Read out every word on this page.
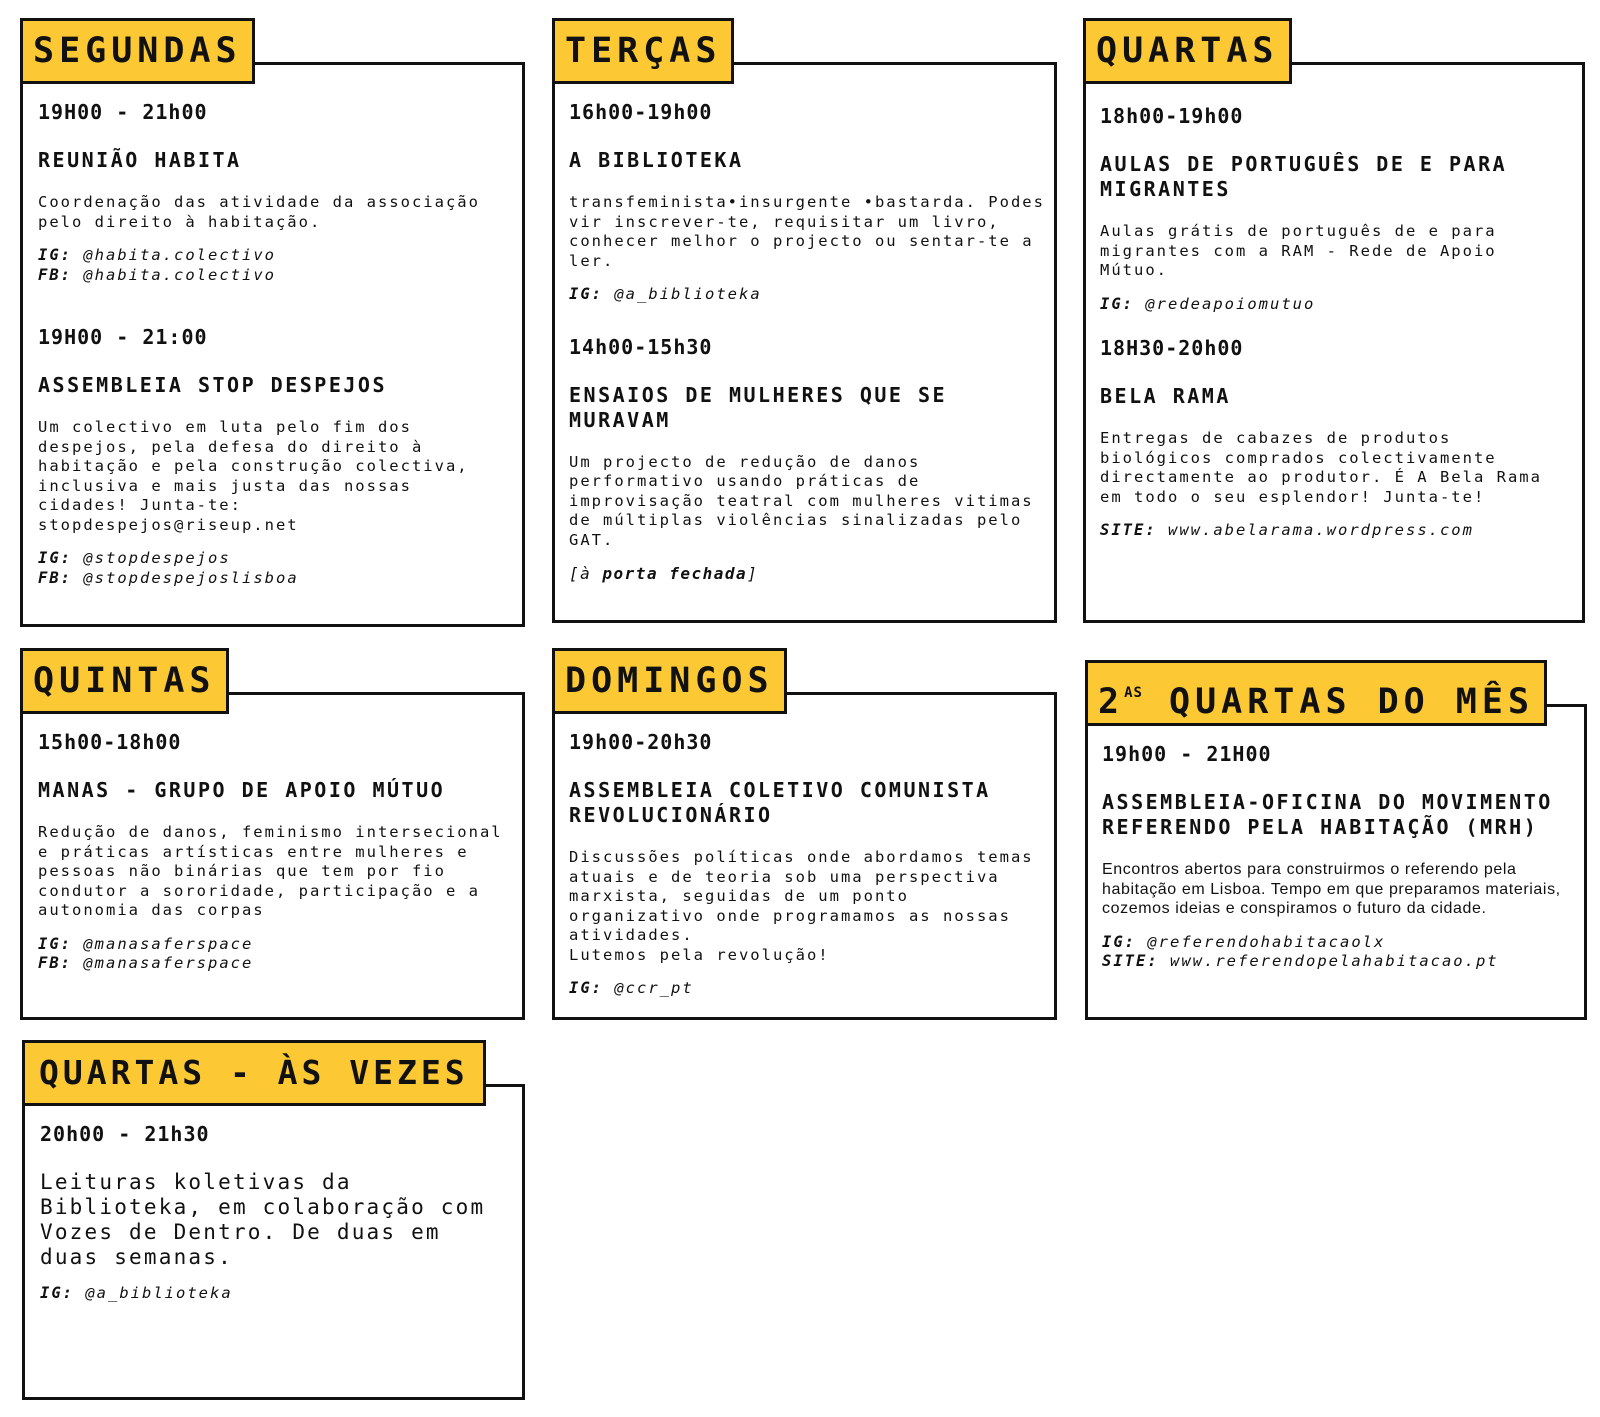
SEGUNDAS
19H00 - 21h00
REUNIÃO HABITA
Coordenação das atividade da associação pelo direito à habitação.
IG: @habita.colectivo
FB: @habita.colectivo
19H00 - 21:00
ASSEMBLEIA STOP DESPEJOS
Um colectivo em luta pelo fim dos despejos, pela defesa do direito à habitação e pela construção colectiva, inclusiva e mais justa das nossas cidades! Junta-te: stopdespejos@riseup.net
IG: @stopdespejos
FB: @stopdespejoslisboa
TERÇAS
16h00-19h00
A BIBLIOTEKA
transfeminista•insurgente •bastarda. Podes vir inscrever-te, requisitar um livro, conhecer melhor o projecto ou sentar-te a ler.
IG: @a_biblioteka
14h00-15h30
ENSAIOS DE MULHERES QUE SE MURAVAM
Um projecto de redução de danos performativo usando práticas de improvisação teatral com mulheres vitimas de múltiplas violências sinalizadas pelo GAT.
[à porta fechada]
QUARTAS
18h00-19h00
AULAS DE PORTUGUÊS DE E PARA MIGRANTES
Aulas grátis de português de e para migrantes com a RAM - Rede de Apoio Mútuo.
IG: @redeapoiomutuo
18H30-20h00
BELA RAMA
Entregas de cabazes de produtos biológicos comprados colectivamente directamente ao produtor. É A Bela Rama em todo o seu esplendor! Junta-te!
SITE: www.abelarama.wordpress.com
QUINTAS
15h00-18h00
MANAS - GRUPO DE APOIO MÚTUO
Redução de danos, feminismo intersecional e práticas artísticas entre mulheres e pessoas não binárias que tem por fio condutor a sororidade, participação e a autonomia das corpas
IG: @manasaferspace
FB: @manasaferspace
DOMINGOS
19h00-20h30
ASSEMBLEIA COLETIVO COMUNISTA REVOLUCIONÁRIO
Discussões políticas onde abordamos temas atuais e de teoria sob uma perspectiva marxista, seguidas de um ponto organizativo onde programamos as nossas atividades.
Lutemos pela revolução!
IG: @ccr_pt
$2^{AS}$ QUARTAS DO MÊS
19h00 - 21H00
ASSEMBLEIA-OFICINA DO MOVIMENTO REFERENDO PELA HABITAÇÃO (MRH)
Encontros abertos para construirmos o referendo pela habitação em Lisboa. Tempo em que preparamos materiais, cozemos ideias e conspiramos o futuro da cidade.
IG: @referendohabitacaolx
SITE: www.referendopelahabitacao.pt
QUARTAS - ÀS VEZES
20h00 - 21h30
Leituras koletivas da Biblioteka, em colaboração com Vozes de Dentro. De duas em duas semanas.
IG: @a_biblioteka
